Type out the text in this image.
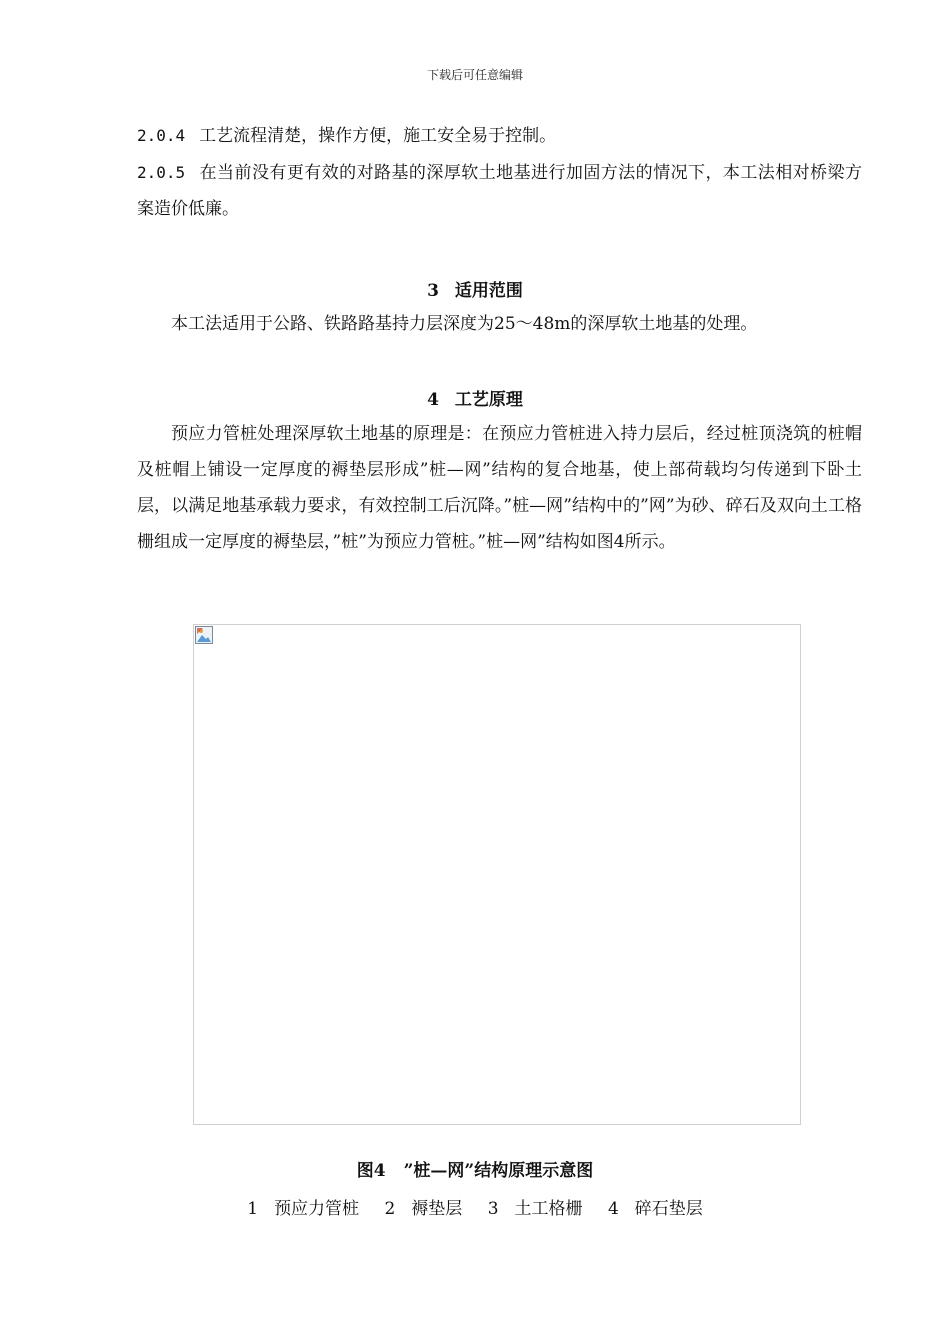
下载后可任意编辑

2.0.4 工艺流程清楚，操作方便，施工安全易于控制。

2.0.5 在当前没有更有效的对路基的深厚软土地基进行加固方法的情况下，本工法相对桥梁方案造价低廉。

3 适用范围

本工法适用于公路、铁路路基持力层深度为25～48m的深厚软土地基的处理。

4 工艺原理

预应力管桩处理深厚软土地基的原理是：在预应力管桩进入持力层后，经过桩顶浇筑的桩帽及桩帽上铺设一定厚度的褥垫层形成”桩—网”结构的复合地基，使上部荷载均匀传递到下卧土层，以满足地基承载力要求，有效控制工后沉降。”桩—网”结构中的”网”为砂、碎石及双向土工格栅组成一定厚度的褥垫层，”桩”为预应力管桩。”桩—网”结构如图4所示。

图4 ”桩—网”结构原理示意图

1 预应力管桩 2 褥垫层 3 土工格栅 4 碎石垫层
